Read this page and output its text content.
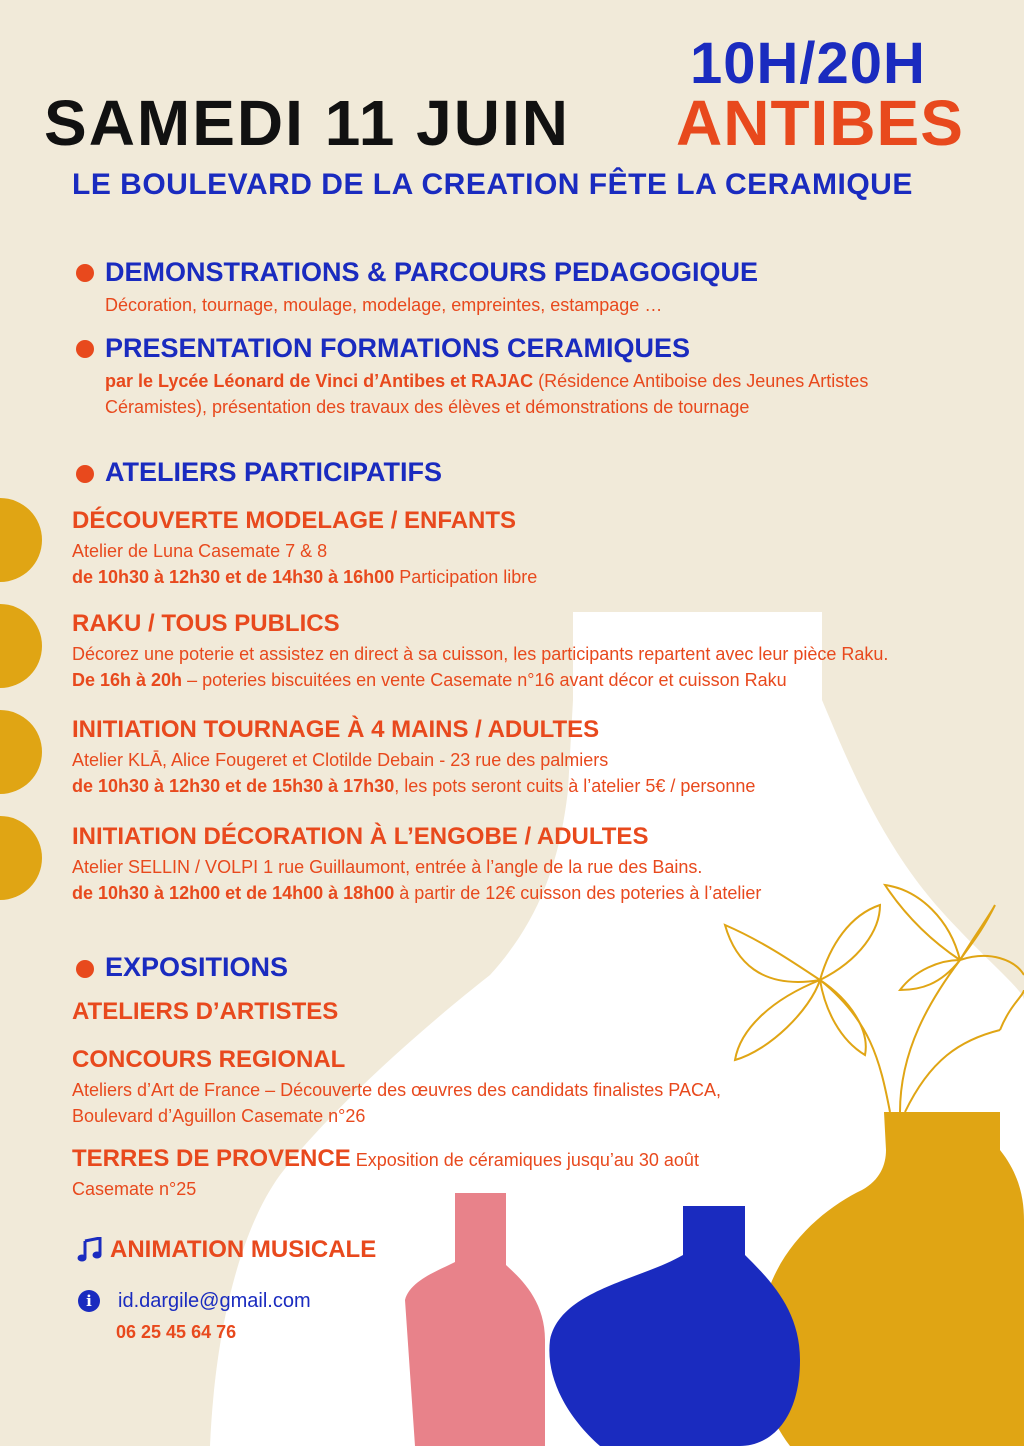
10H/20H
SAMEDI 11 JUIN ANTIBES
LE BOULEVARD DE LA CREATION FÊTE LA CERAMIQUE
DEMONSTRATIONS & PARCOURS PEDAGOGIQUE
Décoration, tournage, moulage, modelage, empreintes, estampage …
PRESENTATION FORMATIONS CERAMIQUES
par le Lycée Léonard de Vinci d’Antibes et RAJAC (Résidence Antiboise des Jeunes Artistes
Céramistes), présentation des travaux des élèves et démonstrations de tournage
ATELIERS PARTICIPATIFS
DÉCOUVERTE MODELAGE / ENFANTS
Atelier de Luna Casemate 7 & 8
de 10h30 à 12h30 et de 14h30 à 16h00 Participation libre
RAKU / TOUS PUBLICS
Décorez une poterie et assistez en direct à sa cuisson, les participants repartent avec leur pièce Raku.
De 16h à 20h – poteries biscuitées en vente Casemate n°16 avant décor et cuisson Raku
INITIATION TOURNAGE À 4 MAINS / ADULTES
Atelier KLĀ, Alice Fougeret et Clotilde Debain - 23 rue des palmiers
de 10h30 à 12h30 et de 15h30 à 17h30, les pots seront cuits à l’atelier 5€ / personne
INITIATION DÉCORATION À L’ENGOBE / ADULTES
Atelier SELLIN / VOLPI 1 rue Guillaumont, entrée à l’angle de la rue des Bains.
de 10h30 à 12h00 et de 14h00 à 18h00 à partir de 12€ cuisson des poteries à l’atelier
EXPOSITIONS
ATELIERS D’ARTISTES
CONCOURS REGIONAL
Ateliers d’Art de France – Découverte des œuvres des candidats finalistes PACA,
Boulevard d’Aguillon Casemate n°26
TERRES DE PROVENCE Exposition de céramiques jusqu’au 30 août
Casemate n°25
ANIMATION MUSICALE
i	id.dargile@gmail.com
06 25 45 64 76
